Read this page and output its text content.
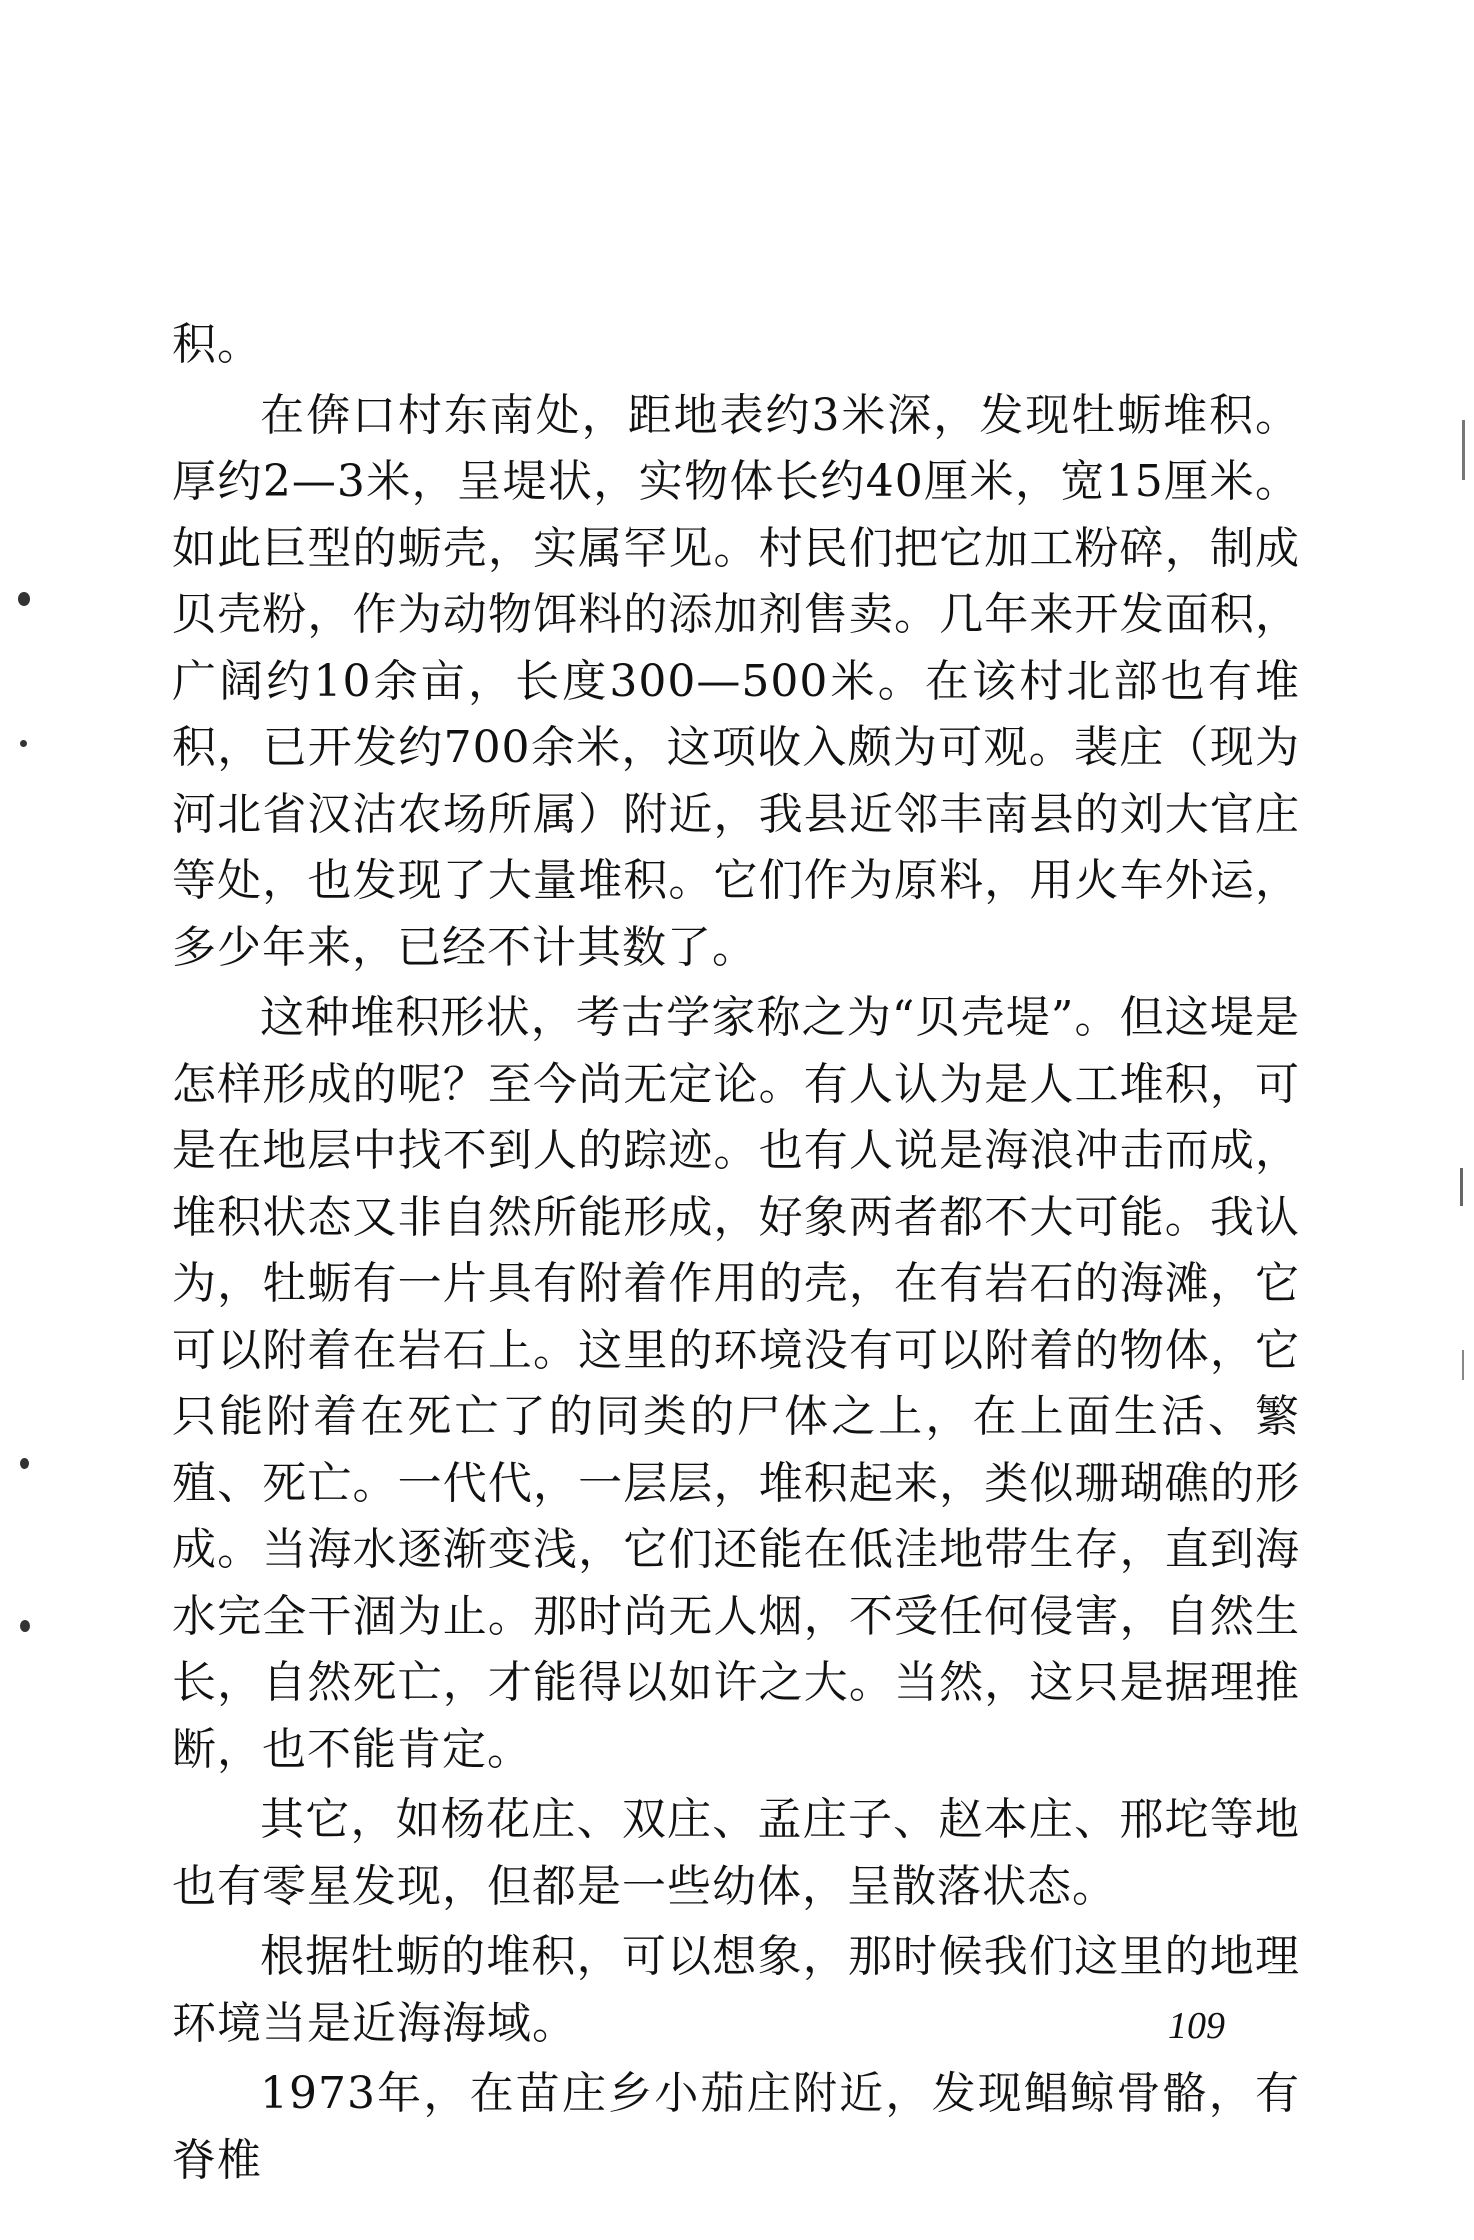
积。

在倴口村东南处，距地表约3米深，发现牡蛎堆积。厚约2—3米，呈堤状，实物体长约40厘米，宽15厘米。如此巨型的蛎壳，实属罕见。村民们把它加工粉碎，制成贝壳粉，作为动物饵料的添加剂售卖。几年来开发面积，广阔约10余亩，长度300—500米。在该村北部也有堆积，已开发约700余米，这项收入颇为可观。裴庄（现为河北省汉沽农场所属）附近，我县近邻丰南县的刘大官庄等处，也发现了大量堆积。它们作为原料，用火车外运，多少年来，已经不计其数了。

这种堆积形状，考古学家称之为“贝壳堤”。但这堤是怎样形成的呢？至今尚无定论。有人认为是人工堆积，可是在地层中找不到人的踪迹。也有人说是海浪冲击而成，堆积状态又非自然所能形成，好象两者都不大可能。我认为，牡蛎有一片具有附着作用的壳，在有岩石的海滩，它可以附着在岩石上。这里的环境没有可以附着的物体，它只能附着在死亡了的同类的尸体之上，在上面生活、繁殖、死亡。一代代，一层层，堆积起来，类似珊瑚礁的形成。当海水逐渐变浅，它们还能在低洼地带生存，直到海水完全干涸为止。那时尚无人烟，不受任何侵害，自然生长，自然死亡，才能得以如许之大。当然，这只是据理推断，也不能肯定。

其它，如杨花庄、双庄、孟庄子、赵本庄、邢坨等地也有零星发现，但都是一些幼体，呈散落状态。

根据牡蛎的堆积，可以想象，那时候我们这里的地理环境当是近海海域。

1973年，在苗庄乡小茄庄附近，发现鲳鲸骨骼，有脊椎

109
